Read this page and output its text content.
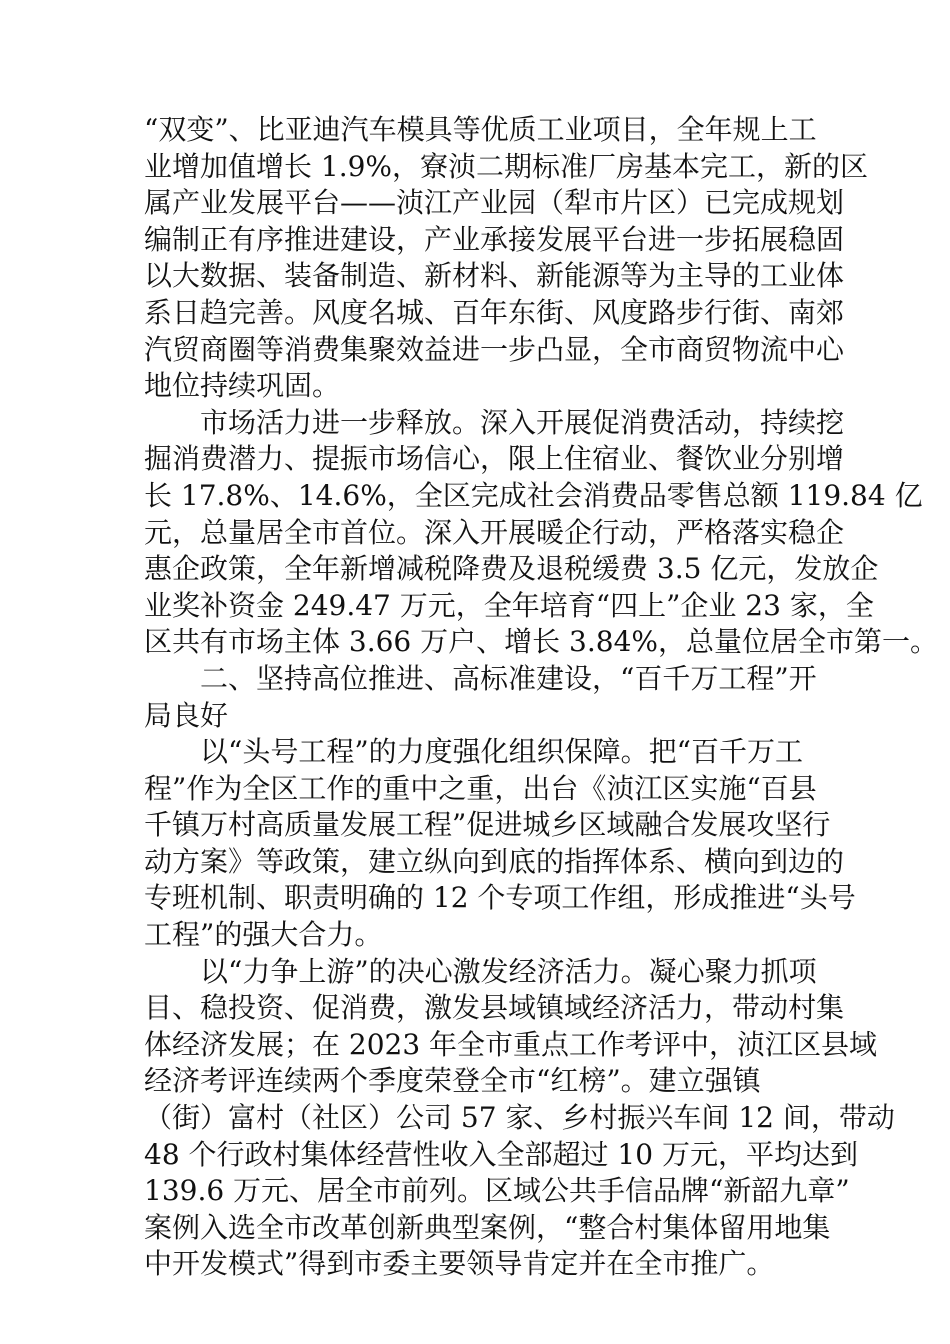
“双变”、比亚迪汽车模具等优质工业项目，全年规上工
业增加值增长 1.9%，寮浈二期标准厂房基本完工，新的区
属产业发展平台——浈江产业园（犁市片区）已完成规划
编制正有序推进建设，产业承接发展平台进一步拓展稳固
以大数据、装备制造、新材料、新能源等为主导的工业体
系日趋完善。风度名城、百年东街、风度路步行街、南郊
汽贸商圈等消费集聚效益进一步凸显，全市商贸物流中心
地位持续巩固。
市场活力进一步释放。深入开展促消费活动，持续挖
掘消费潜力、提振市场信心，限上住宿业、餐饮业分别增
长 17.8%、14.6%，全区完成社会消费品零售总额 119.84 亿
元，总量居全市首位。深入开展暖企行动，严格落实稳企
惠企政策，全年新增减税降费及退税缓费 3.5 亿元，发放企
业奖补资金 249.47 万元，全年培育“四上”企业 23 家，全
区共有市场主体 3.66 万户、增长 3.84%，总量位居全市第一。
二、坚持高位推进、高标准建设，“百千万工程”开
局良好
以“头号工程”的力度强化组织保障。把“百千万工
程”作为全区工作的重中之重，出台《浈江区实施“百县
千镇万村高质量发展工程”促进城乡区域融合发展攻坚行
动方案》等政策，建立纵向到底的指挥体系、横向到边的
专班机制、职责明确的 12 个专项工作组，形成推进“头号
工程”的强大合力。
以“力争上游”的决心激发经济活力。凝心聚力抓项
目、稳投资、促消费，激发县域镇域经济活力，带动村集
体经济发展；在 2023 年全市重点工作考评中，浈江区县域
经济考评连续两个季度荣登全市“红榜”。建立强镇
（街）富村（社区）公司 57 家、乡村振兴车间 12 间，带动
48 个行政村集体经营性收入全部超过 10 万元，平均达到
139.6 万元、居全市前列。区域公共手信品牌“新韶九章”
案例入选全市改革创新典型案例，“整合村集体留用地集
中开发模式”得到市委主要领导肯定并在全市推广。
